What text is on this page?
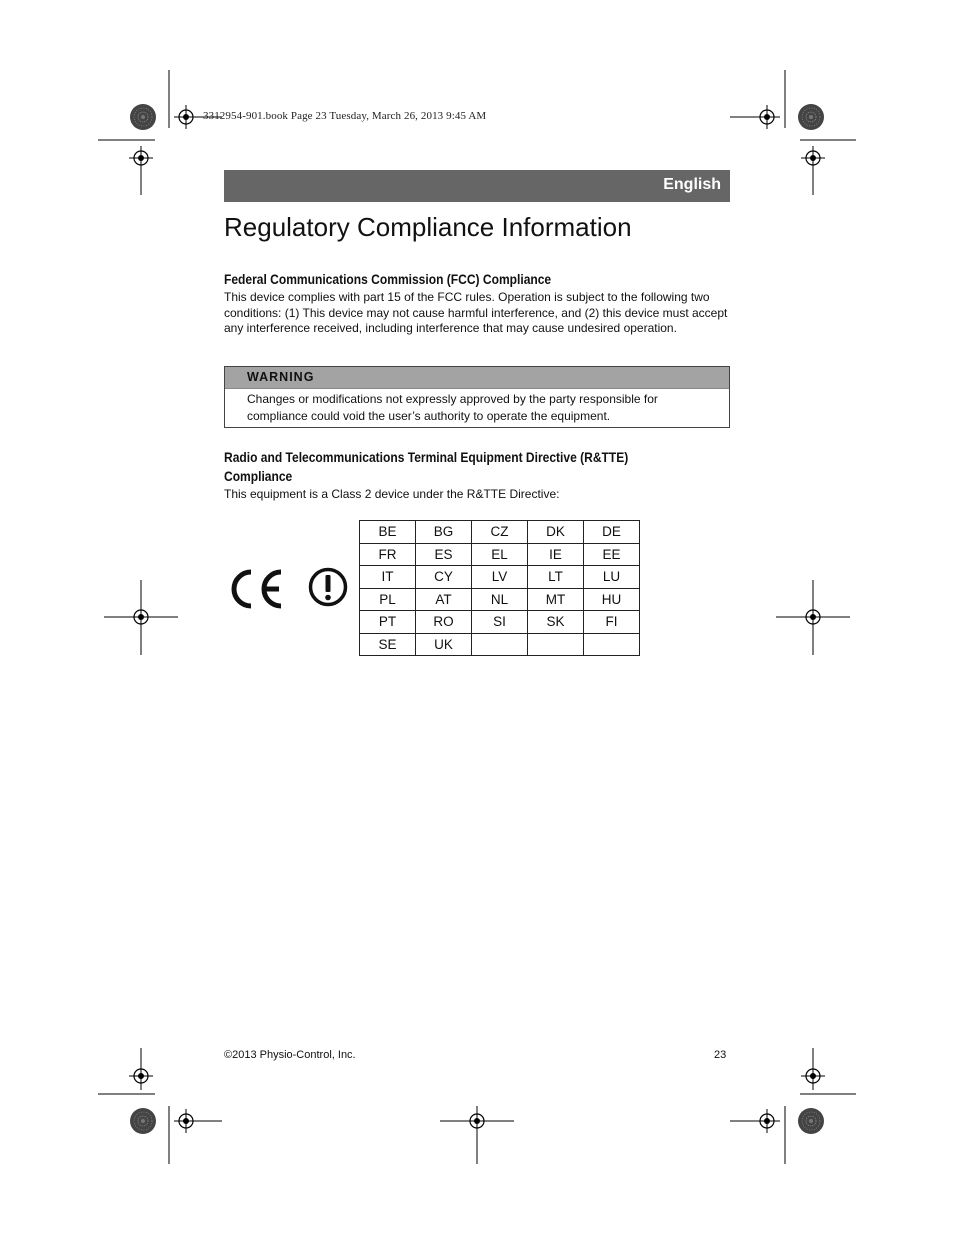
3312954-901.book Page 23 Tuesday, March 26, 2013 9:45 AM
English
Regulatory Compliance Information
Federal Communications Commission (FCC) Compliance

This device complies with part 15 of the FCC rules. Operation is subject to the following two conditions: (1) This device may not cause harmful interference, and (2) this device must accept any interference received, including interference that may cause undesired operation.

WARNING

Changes or modifications not expressly approved by the party responsible for compliance could void the user’s authority to operate the equipment.

Radio and Telecommunications Terminal Equipment Directive (R&TTE) Compliance

This equipment is a Class 2 device under the R&TTE Directive:

BE	BG	CZ	DK	DE
FR	ES	EL	IE	EE
IT	CY	LV	LT	LU
PL	AT	NL	MT	HU
PT	RO	SI	SK	FI
SE	UK			
©2013 Physio-Control, Inc.	23
